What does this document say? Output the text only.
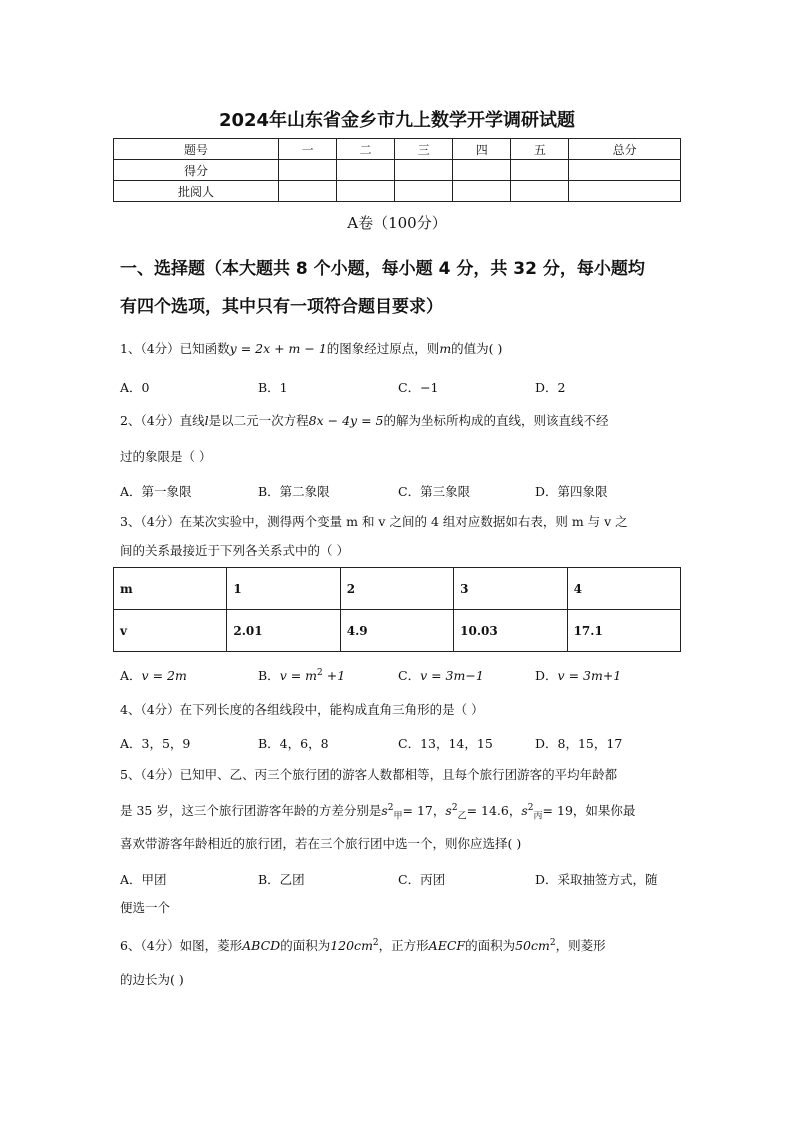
2024年山东省金乡市九上数学开学调研试题
题号	一	二	三	四	五	总分
得分						
批阅人						
A卷（100分）
一、选择题（本大题共 8 个小题，每小题 4 分，共 32 分，每小题均
有四个选项，其中只有一项符合题目要求）
1、（4分）已知函数y = 2x + m − 1的图象经过原点，则m的值为( )
A．0	B．1	C．−1	D．2
2、（4分）直线l是以二元一次方程8x − 4y = 5的解为坐标所构成的直线，则该直线不经
过的象限是（ ）
A．第一象限	B．第二象限	C．第三象限	D．第四象限
3、（4分）在某次实验中，测得两个变量 m 和 v 之间的 4 组对应数据如右表，则 m 与 v 之
间的关系最接近于下列各关系式中的（ ）
m	1	2	3	4
v	2.01	4.9	10.03	17.1
A．v = 2m	B．$v = m^2 +1$	C．v = 3m−1	D．v = 3m+1
4、（4分）在下列长度的各组线段中，能构成直角三角形的是（ ）
A．3，5，9	B．4，6，8	C．13，14，15	D．8，15，17
5、（4分）已知甲、乙、丙三个旅行团的游客人数都相等，且每个旅行团游客的平均年龄都
是 35 岁，这三个旅行团游客年龄的方差分别是$s^2_甲= 17$，$s^2_乙= 14.6$，$s^2_丙= 19$，如果你最
喜欢带游客年龄相近的旅行团，若在三个旅行团中选一个，则你应选择( )
A．甲团	B．乙团	C．丙团	D．采取抽签方式，随
便选一个
6、（4分）如图，菱形ABCD的面积为$120cm^2$，正方形AECF的面积为$50cm^2$，则菱形
的边长为( )
